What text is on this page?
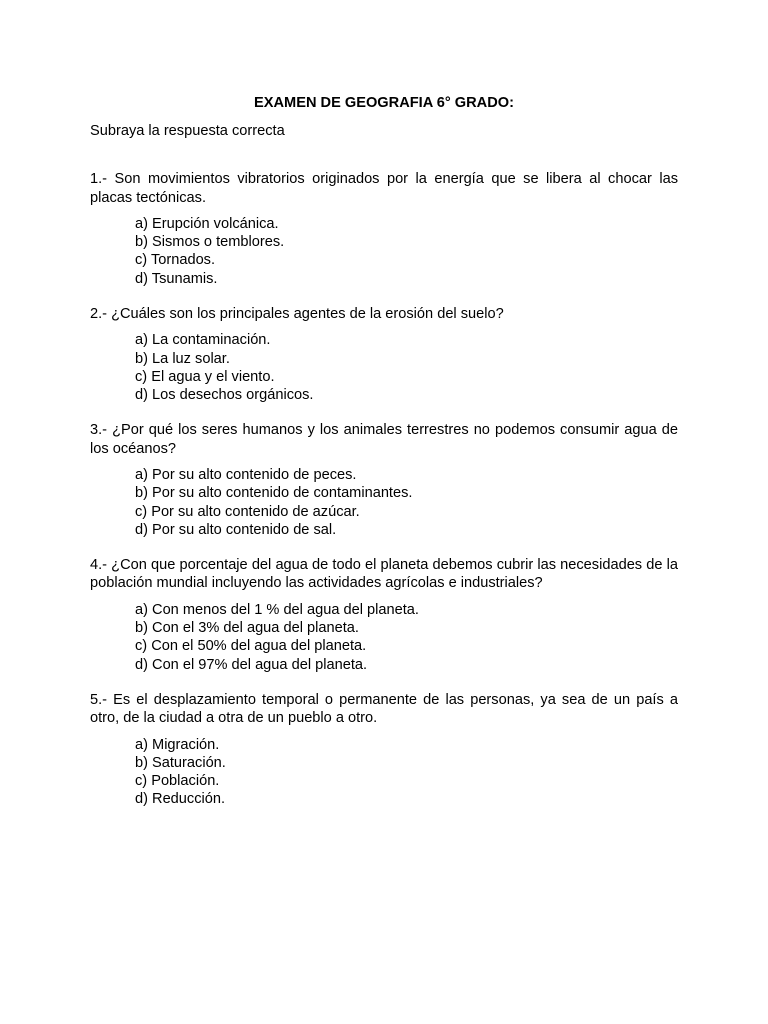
EXAMEN DE GEOGRAFIA 6° GRADO:

Subraya la respuesta correcta

1.- Son movimientos vibratorios originados por la energía que se libera al chocar las placas tectónicas.

a) Erupción volcánica.
b) Sismos o temblores.
c) Tornados.
d) Tsunamis.

2.- ¿Cuáles son los principales agentes de la erosión del suelo?

a) La contaminación.
b) La luz solar.
c) El agua y el viento.
d) Los desechos orgánicos.

3.- ¿Por qué los seres humanos y los animales terrestres no podemos consumir agua de los océanos?

a) Por su alto contenido de peces.
b) Por su alto contenido de contaminantes.
c) Por su alto contenido de azúcar.
d) Por su alto contenido de sal.

4.- ¿Con que porcentaje del agua de todo el planeta debemos cubrir las necesidades de la población mundial incluyendo las actividades agrícolas e industriales?

a) Con menos del 1 % del agua del planeta.
b) Con el 3% del agua del planeta.
c) Con el 50% del agua del planeta.
d) Con el 97% del agua del planeta.

5.- Es el desplazamiento temporal o permanente de las personas, ya sea de un país a otro, de la ciudad a otra de un pueblo a otro.

a) Migración.
b) Saturación.
c) Población.
d) Reducción.
